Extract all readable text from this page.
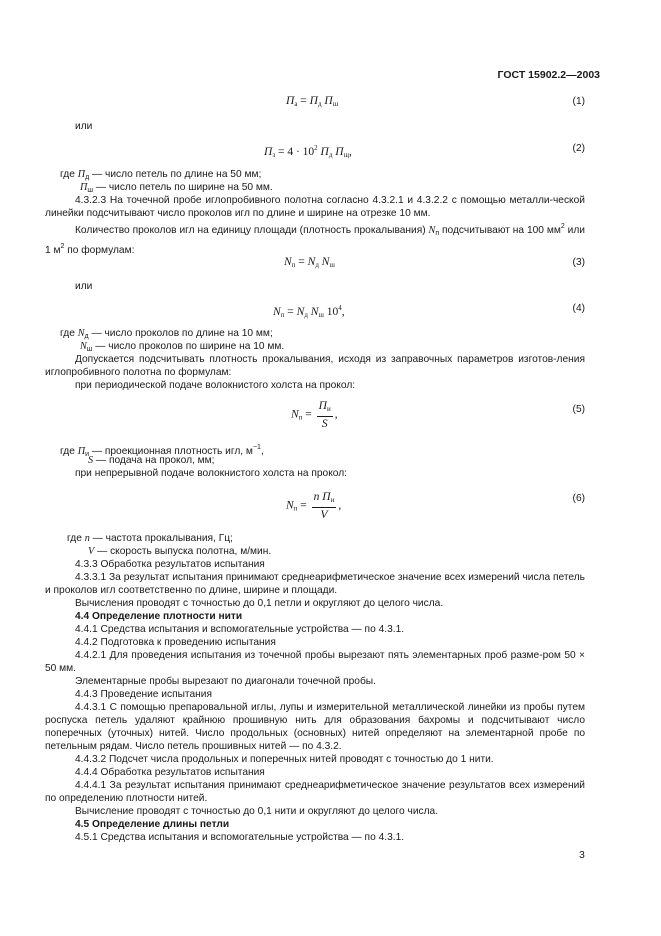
ГОСТ 15902.2—2003
$П_а = П_д$ $П_ш$	(1)
или
$П_з = 4 \cdot 10^2$ $П_д$ $П_щ$,	(2)
где $П_д$ — число петель по длине на 50 мм;
$П_ш$ — число петель по ширине на 50 мм.
4.3.2.3 На точечной пробе иглопробивного полотна согласно 4.3.2.1 и 4.3.2.2 с помощью металли-ческой линейки подсчитывают число проколов игл по длине и ширине на отрезке 10 мм.
Количество проколов игл на единицу площади (плотность прокалывания) $N_п$ подсчитывают на 100 $мм^2$ или 1 $м^2$ по формулам:
$N_п = N_д$ $N_ш$	(3)
или
$N_п = N_д$ $N_ш$ $10^4$,	(4)
где $N_д$ — число проколов по длине на 10 мм;
$N_ш$ — число проколов по ширине на 10 мм.
Допускается подсчитывать плотность прокалывания, исходя из заправочных параметров изготов-ления иглопробивного полотна по формулам:
при периодической подаче волокнистого холста на прокол:
$N_п = \frac{П_и}{S}$ ,	(5)
где $П_и$ — проекционная плотность игл, $м^{-1}$,
S — подача на прокол, мм;
при непрерывной подаче волокнистого холста на прокол:
$N_п = \frac{n П_и}{V}$ ,
(6)
где n — частота прокалывания, Гц;
V — скорость выпуска полотна, м/мин.
4.3.3 Обработка результатов испытания
4.3.3.1 За результат испытания принимают среднеарифметическое значение всех измерений числа петель и проколов игл соответственно по длине, ширине и площади.
Вычисления проводят с точностью до 0,1 петли и округляют до целого числа.
4.4 Определение плотности нити
4.4.1 Средства испытания и вспомогательные устройства — по 4.3.1.
4.4.2 Подготовка к проведению испытания
4.4.2.1 Для проведения испытания из точечной пробы вырезают пять элементарных проб разме-ром 50 × 50 мм.
Элементарные пробы вырезают по диагонали точечной пробы.
4.4.3 Проведение испытания
4.4.3.1 С помощью препаровальной иглы, лупы и измерительной металлической линейки из пробы путем роспуска петель удаляют крайнюю прошивную нить для образования бахромы и подсчитывают число поперечных (уточных) нитей. Число продольных (основных) нитей определяют на элементарной пробе по петельным рядам. Число петель прошивных нитей — по 4.3.2.
4.4.3.2 Подсчет числа продольных и поперечных нитей проводят с точностью до 1 нити.
4.4.4 Обработка результатов испытания
4.4.4.1 За результат испытания принимают среднеарифметическое значение результатов всех измерений по определению плотности нитей.
Вычисление проводят с точностью до 0,1 нити и округляют до целого числа.
4.5 Определение длины петли
4.5.1 Средства испытания и вспомогательные устройства — по 4.3.1.
3
